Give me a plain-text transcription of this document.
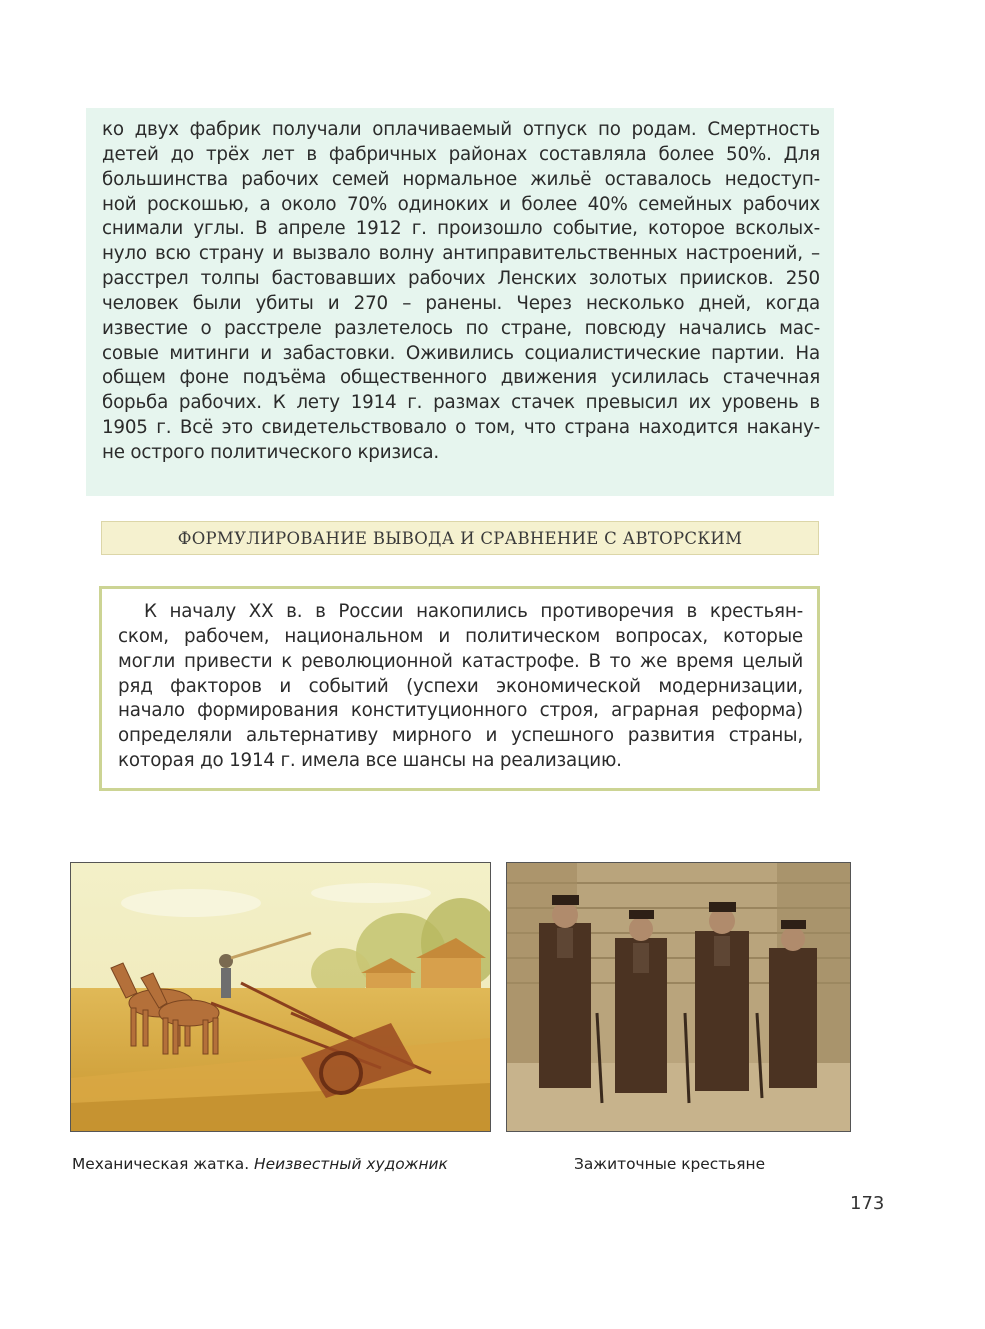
ко двух фабрик получали оплачиваемый отпуск по родам. Смертность

детей до трёх лет в фабричных районах составляла более 50%. Для

большинства рабочих семей нормальное жильё оставалось недоступ-

ной роскошью, а около 70% одиноких и более 40% семейных рабочих

снимали углы. В апреле 1912 г. произошло событие, которое всколых-

нуло всю страну и вызвало волну антиправительственных настроений, –

расстрел толпы бастовавших рабочих Ленских золотых приисков. 250

человек были убиты и 270 – ранены. Через несколько дней, когда

известие о расстреле разлетелось по стране, повсюду начались мас-

совые митинги и забастовки. Оживились социалистические партии. На

общем фоне подъёма общественного движения усилилась стачечная

борьба рабочих. К лету 1914 г. размах стачек превысил их уровень в

1905 г. Всё это свидетельствовало о том, что страна находится накану-

не острого политического кризиса.

ФОРМУЛИРОВАНИЕ ВЫВОДА И СРАВНЕНИЕ С АВТОРСКИМ

К началу XX в. в России накопились противоречия в крестьян-

ском, рабочем, национальном и политическом вопросах, которые

могли привести к революционной катастрофе. В то же время целый

ряд факторов и событий (успехи экономической модернизации,

начало формирования конституционного строя, аграрная реформа)

определяли альтернативу мирного и успешного развития страны,

которая до 1914 г. имела все шансы на реализацию.

Механическая жатка. Неизвестный художник	Зажиточные крестьяне
173
